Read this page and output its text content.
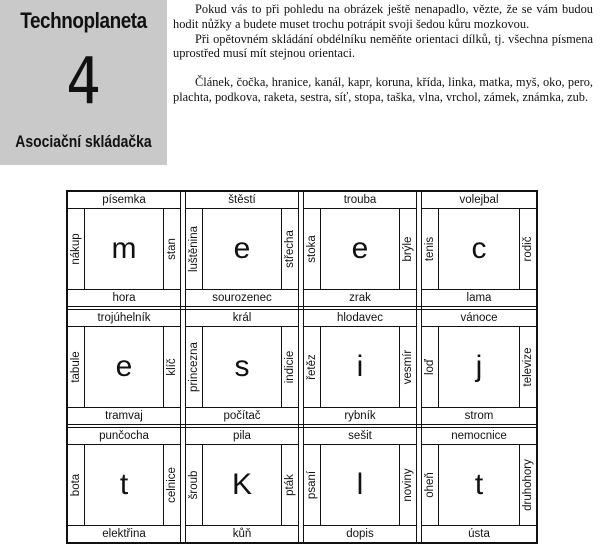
Technoplaneta
4
Asociační skládačka

Pokud vás to při pohledu na obrázek ještě nenapadlo, vězte, že se vám budou hodit nůžky a budete muset trochu potrápit svoji šedou kůru mozkovou.

Při opětovném skládání obdélníku neměňte orientaci dílků, tj. všechna písmena uprostřed musí mít stejnou orientaci.

Článek, čočka, hranice, kanál, kapr, koruna, křída, linka, matka, myš, oko, pero, plachta, podkova, raketa, sestra, síť, stopa, taška, vlna, vrchol, zámek, známka, zub.

písemka
nákup m	stan
hora
štěstí
luštěnina	e	střecha
sourozenec
trouba
stoka	e	brýle
zrak
volejbal
tenis	c	rodič
lama
trojúhelník
tabule	e	klíč
tramvaj
král
princezna	s	indicie
počítač
hlodavec
řetěz	i	vesmír
rybník
vánoce
loď	j	televize
strom
punčocha
bota	t	celnice
elektřina
pila
šroub	K	pták
kůň
sešit
psaní	l	noviny
dopis
nemocnice
oheň	t	druhohory
ústa
